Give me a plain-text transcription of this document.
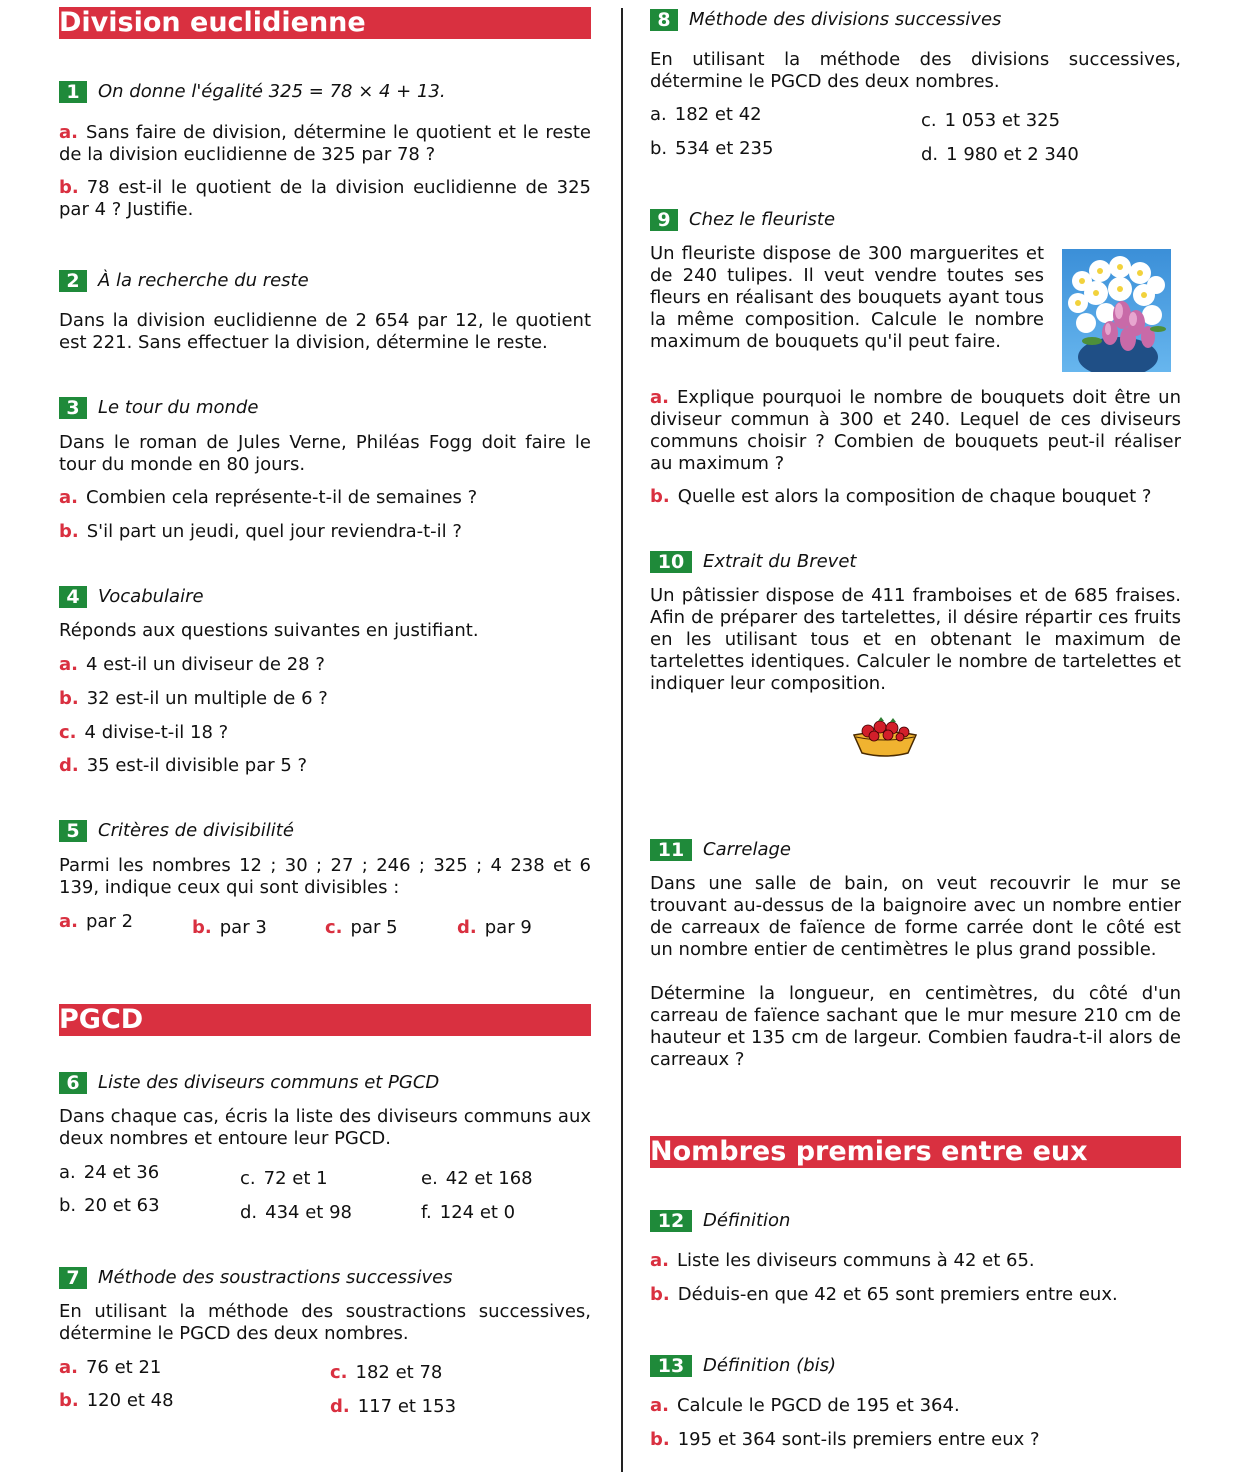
Division euclidienne
1 On donne l'égalité 325 = 78 × 4 + 13.
a. Sans faire de division, détermine le quotient et le reste de la division euclidienne de 325 par 78 ?
b. 78 est-il le quotient de la division euclidienne de 325 par 4 ? Justifie.
2 À la recherche du reste
Dans la division euclidienne de 2 654 par 12, le quotient est 221. Sans effectuer la division, détermine le reste.
3 Le tour du monde
Dans le roman de Jules Verne, Philéas Fogg doit faire le tour du monde en 80 jours.
a. Combien cela représente-t-il de semaines ?
b. S'il part un jeudi, quel jour reviendra-t-il ?
4 Vocabulaire
Réponds aux questions suivantes en justifiant.
a. 4 est-il un diviseur de 28 ?
b. 32 est-il un multiple de 6 ?
c. 4 divise-t-il 18 ?
d. 35 est-il divisible par 5 ?
5 Critères de divisibilité
Parmi les nombres 12 ; 30 ; 27 ; 246 ; 325 ; 4 238 et 6 139, indique ceux qui sont divisibles :
a. par 2	b. par 3	c. par 5	d. par 9
PGCD
6 Liste des diviseurs communs et PGCD
Dans chaque cas, écris la liste des diviseurs communs aux deux nombres et entoure leur PGCD.
a. 24 et 36
b. 20 et 63
c. 72 et 1
d. 434 et 98
e. 42 et 168
f. 124 et 0
7 Méthode des soustractions successives
En utilisant la méthode des soustractions successives, détermine le PGCD des deux nombres.
a. 76 et 21
b. 120 et 48
c. 182 et 78
d. 117 et 153
8 Méthode des divisions successives
En utilisant la méthode des divisions successives, détermine le PGCD des deux nombres.
a. 182 et 42
b. 534 et 235
c. 1 053 et 325
d. 1 980 et 2 340
9 Chez le fleuriste
Un fleuriste dispose de 300 marguerites et de 240 tulipes. Il veut vendre toutes ses fleurs en réalisant des bouquets ayant tous la même composition. Calcule le nombre maximum de bouquets qu'il peut faire.
a. Explique pourquoi le nombre de bouquets doit être un diviseur commun à 300 et 240. Lequel de ces diviseurs communs choisir ? Combien de bouquets peut-il réaliser au maximum ?
b. Quelle est alors la composition de chaque bouquet ?
10 Extrait du Brevet
Un pâtissier dispose de 411 framboises et de 685 fraises. Afin de préparer des tartelettes, il désire répartir ces fruits en les utilisant tous et en obtenant le maximum de tartelettes identiques. Calculer le nombre de tartelettes et indiquer leur composition.
11 Carrelage
Dans une salle de bain, on veut recouvrir le mur se trouvant au-dessus de la baignoire avec un nombre entier de carreaux de faïence de forme carrée dont le côté est un nombre entier de centimètres le plus grand possible.
Détermine la longueur, en centimètres, du côté d'un carreau de faïence sachant que le mur mesure 210 cm de hauteur et 135 cm de largeur. Combien faudra-t-il alors de carreaux ?
Nombres premiers entre eux
12 Définition
a. Liste les diviseurs communs à 42 et 65.
b. Déduis-en que 42 et 65 sont premiers entre eux.
13 Définition (bis)
a. Calcule le PGCD de 195 et 364.
b. 195 et 364 sont-ils premiers entre eux ?
